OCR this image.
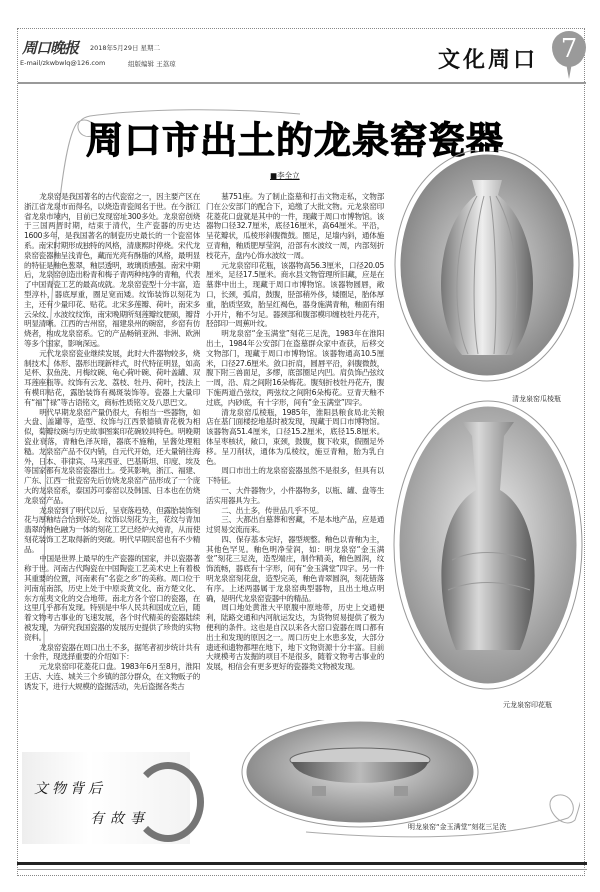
周口晚报 2018年5月29日 星期二
E-mail/zkwbwlq@126.com	组版编辑 王荔琼	文化周口 7
周口市出土的龙泉窑瓷器
■李全立

龙泉窑是我国著名的古代瓷窑之一，因主要产区在浙江省龙泉市而得名，以烧造青瓷闻名于世。在今浙江省龙泉市境内，目前已发现窑址300多处。龙泉窑创烧于三国两晋时期，结束于清代，生产瓷器的历史达1600多年，是我国著名的制瓷历史最长的一个瓷窑体系。南宋时期形成独特的风格，清康熙时停烧。宋代龙泉窑瓷器釉呈浅青色，藏而光亮有酥脂的风格，最明显的特征是釉色葱翠，釉层透明，玻璃质感强。南宋中期后，龙泉窑创造出粉青和梅子青两种纯净的青釉，代表了中国青瓷工艺的最高成就。龙泉窑瓷型十分丰富，造型淳朴，器底厚重，圈足宽而矮。纹饰装饰以刻花为主，还有少量印花、贴花。北宋多莲瓣、荷叶，南宋多云朵纹、水波纹纹饰，南宋晚期所刻莲瓣纹肥硕，瓣背明显清晰。江西的吉州窑，福建泉州的碗窑，乡窑有仿烧者，构成龙泉窑系。它的产品畅销亚洲、非洲、欧洲等多个国家，影响深远。

元代龙泉窑瓷业继续发展，此时大件器物较多，烧制技术、体形、器形出现新样式，时代特征明显，如高足杯、双鱼洗、月梅纹碗、龟心荷叶碗、荷叶盖罐、双耳莲座瓶等。纹饰有云龙、荔枝、牡丹、荷叶，技法上有模印贴花，露胎装饰有褐斑装饰等。瓷器上大量印有“福”“禄”等古语铭文，商标性质铭文及八思巴文。

明代早期龙泉窑产量仍很大，有相当一些器物，如大盘、盖罐等，造型、纹饰与江西景德镇青花极为相似，菊瓣纹碗与历史故事图案印花碗较具特色。明晚期瓷业衰落，青釉色泽灰暗，器底不施釉，呈酱处理粗糙。龙泉窑产品不仅内销，自元代开始，还大量销往海外，日本、菲律宾、马来西亚、巴基斯坦、印度、埃及等国家都有龙泉窑瓷器出土。受其影响，浙江、福建、广东、江西一批瓷窑先后仿烧龙泉窑产品形成了一个庞大的龙泉窑系，泰国苏可泰窑以及韩国、日本也在仿烧龙泉窑产品。

龙泉窑到了明代以后，呈衰落趋势，但露胎装饰刻花与厚釉结合恰到好处。纹饰以刻花为主，花纹与青加翡翠的釉色融为一体的刻花工艺已经炉火纯青，从而使刻花装饰工艺取得新的突破。明代早期民窑也有不少精品。

中国是世界上最早的生产瓷器的国家，并以瓷器著称于世。河南古代陶瓷在中国陶瓷工艺美术史上有着极其重要的位置，河南素有“名瓷之乡”的美称。周口位于河南东南部，历史上处于中原炎黄文化、南方楚文化、东方东夷文化的交合地带。南北方各个窑口的瓷器，在这里几乎都有发现。特别是中华人民共和国成立后，随着文物考古事业的飞速发展，各个时代精美的瓷器陆续被发现，为研究我国瓷器的发展历史提供了珍贵的实物资料。

龙泉窑瓷器在周口出土不多，据笔者初步统计共有十余件，现选择重要的介绍如下：

元龙泉窑印花菱花口盘。1983年6月至8月，淮阳王店、大连、城关三个乡镇的部分群众，在文物贩子的诱发下，进行大规模的盗掘活动，先后盗掘各类古

墓751座。为了制止盗墓和打击文物走私，文物部门在公安部门的配合下，追缴了大批文物。元龙泉窑印花菱花口盘就是其中的一件，现藏于周口市博物馆。该器物口径32.7厘米，底径16厘米，高64厘米。平沿，呈花瓣状，瓜棱形斜腹微鼓。圈足，足墙内斜，通体施豆青釉，釉质肥厚莹润，沿部有水波纹一周，内部刻折枝花卉，盘内心饰水波纹一周。

元龙泉窑印花瓶，该器物高56.3厘米，口径20.05厘米，足径17.5厘米。商水县文物管理所旧藏，应是在墓葬中出土，现藏于周口市博物馆。该器物圆唇，敞口，长颈，弧肩，鼓腹，胫部稍外侈，矮圈足，胎体厚重，胎质坚致，胎呈红褐色，器身施满青釉，釉面有细小开片，釉不匀足。器颈部和腹部模印缠枝牡丹花卉，胫部印一周蕉叶纹。

明龙泉窑“金玉满堂”刻花三足洗，1983年在淮阳出土，1984年公安部门在盗墓群众家中查获，后移交文物部门，现藏于周口市博物馆。该器物通高10.5厘米，口径27.6厘米。敛口折肩，圆唇平沿，斜腹微鼓，腹下附三兽面足，多缪，底部圈足内凹。肩负饰凸弦纹一周，沿、肩之间附16朵梅花。腹刻折枝牡丹花卉，腹下施两道凸弦纹，两弦纹之间附6朵梅花。豆青天釉不过底，内砂底，有十字形，间有“金玉满堂”四字。

清龙泉窑瓜棱瓶，1985年，淮阳县粮食局北关粮店在基门面楼挖地基时被发现，现藏于周口市博物馆。该器物高51.4厘米，口径15.2厘米，底径15.8厘米。体呈枣核状，敞口，束颈，鼓腹，腹下收束，假圈足外移。呈刀削状，通体为瓜棱纹，施豆青釉，胎为乳白色。

周口市出土的龙泉窑瓷器虽然不是很多，但具有以下特征。

一、大件器物少，小件器物多，以瓶、罐、盘等生活实用器具为主。

二、出土多，传世品几乎不见。

三、大都出自墓葬和窖藏，不是本地产品，应是通过贸易交流而来。

四、保存基本完好，器型规整。釉色以青釉为主，其他色罕见。釉色明净莹润，如：明龙泉窑“金玉满堂”刻花三足洗，造型端庄，制作精美，釉色圆润，纹饰流畅，器底有十字形，间有“金玉满堂”四字。另一件明龙泉窑刻花盘，造型完美，釉色青翠圆润，刻花错落有序。上述两器属于龙泉窑典型器物，且出土地点明确，是明代龙泉窑瓷器中的精品。

周口地处黄淮大平原腹中原地带，历史上交通便利，陆路交通和内河航运发达，为货物贸易提供了极为便利的条件。这也是自汉以来各大窑口瓷器在周口都有出土和发现的原因之一。周口历史上水患多发，大部分遗迹和遗物都埋在地下，地下文物资源十分丰富。目前大规模考古发掘的项目不是很多，随着文物考古事业的发展，相信会有更多更好的瓷器类文物被发现。

清龙泉窑瓜棱瓶
元龙泉窑印花瓶
明龙泉窑“金玉满堂”刻花三足洗
文物背后
有故事
